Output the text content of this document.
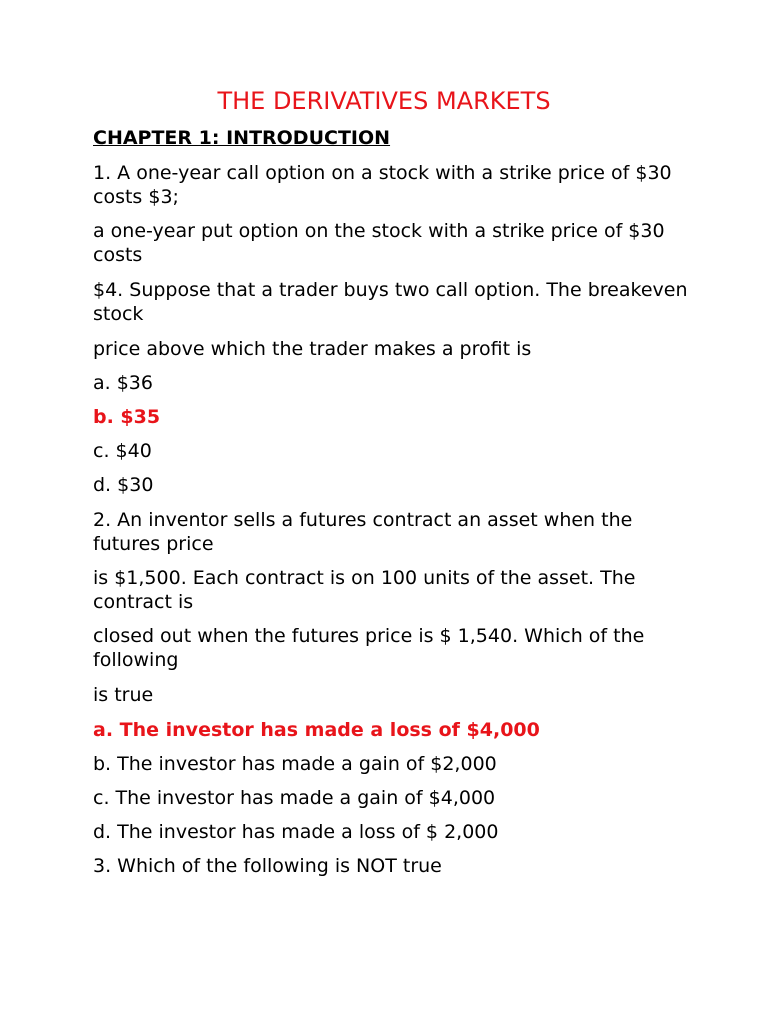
THE DERIVATIVES MARKETS
CHAPTER 1: INTRODUCTION

1. A one-year call option on a stock with a strike price of $30 costs $3;

a one-year put option on the stock with a strike price of $30 costs

$4. Suppose that a trader buys two call option. The breakeven stock

price above which the trader makes a profit is

a. $36

b. $35

c. $40

d. $30

2. An inventor sells a futures contract an asset when the futures price

is $1,500. Each contract is on 100 units of the asset. The contract is

closed out when the futures price is $ 1,540. Which of the following

is true

a. The investor has made a loss of $4,000

b. The investor has made a gain of $2,000

c. The investor has made a gain of $4,000

d. The investor has made a loss of $ 2,000

3. Which of the following is NOT true
